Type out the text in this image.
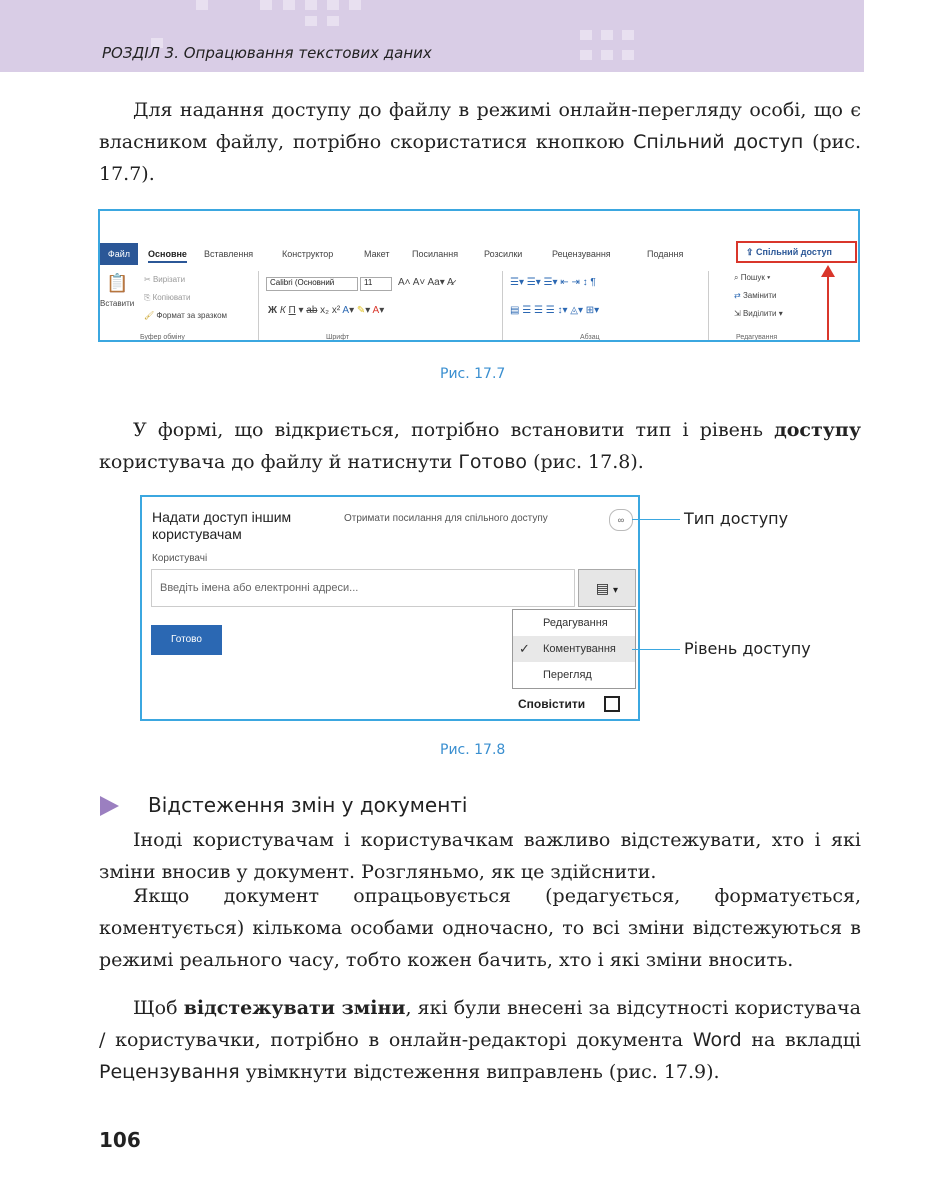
РОЗДІЛ 3. Опрацювання текстових даних
Для надання доступу до файлу в режимі онлайн-перегляду особі, що є власником файлу, потрібно скористатися кнопкою Спільний доступ (рис. 17.7).
Файл	Основне Вставлення	Конструктор	Макет	Посилання	Розсилки	Рецензування	Подання	⇪ Спільний доступ
📋
Вставити
✂ Вирізати
⎘ Копіювати
🖌 Формат за зразком
Calibri (Основний	11	A˄ A˅ Aa▾ A̷
Ж К П ▾ ab x₂ x² A▾ ✎▾ A▾
☰▾ ☰▾ ☰▾ ⇤ ⇥ ↕ ¶
▤ ☰ ☰ ☰ ↕▾ ◬▾ ⊞▾
⌕ Пошук ▾
⇄ Замінити
⇲ Виділити ▾
Буфер обміну	Шрифт	Абзац	Редагування
Рис. 17.7
У формі, що відкриється, потрібно встановити тип і рівень доступу користувача до файлу й натиснути Готово (рис. 17.8).
Надати доступ іншим користувачам
Отримати посилання для спільного доступу	∞
Користувачі
Введіть імена або електронні адреси...	▤ ▾
Готово
Редагування
✓ Коментування
Перегляд
Сповістити
Тип доступу
Рівень доступу
Рис. 17.8
Відстеження змін у документі
Іноді користувачам і користувачкам важливо відстежувати, хто і які зміни вносив у документ. Розгляньмо, як це здійснити.
Якщо документ опрацьовується (редагується, форматується, коментується) кількома особами одночасно, то всі зміни відстежуються в режимі реального часу, тобто кожен бачить, хто і які зміни вносить.
Щоб відстежувати зміни, які були внесені за відсутності користувача / користувачки, потрібно в онлайн-редакторі документа Word на вкладці Рецензування увімкнути відстеження виправлень (рис. 17.9).
106
